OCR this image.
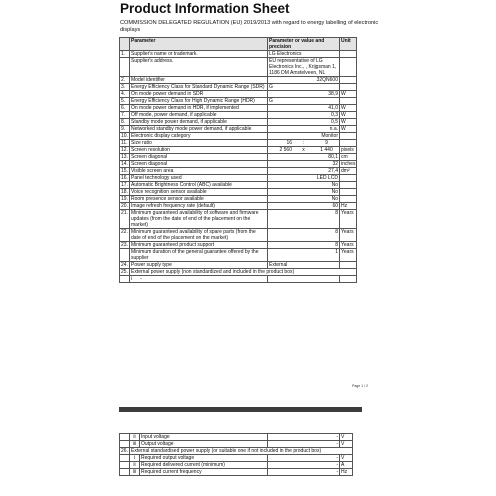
Product Information Sheet
COMMISSION DELEGATED REGULATION (EU) 2019/2013 with regard to energy labelling of electronic displays
	Parameter	Parameter or value and precision	Unit
1.	Supplier's name or trademark.	LG Electronics	
	Supplier's address.	EU representative of LG Electronics Inc., , Krijgsman 1, 1186 DM Amstelveen, NL	
2.	Model identifier	32QN600	
3.	Energy Efficiency Class for Standard Dynamic Range (SDR)	G	
4.	On mode power demand in SDR	38,9	W
5.	Energy Efficiency Class for High Dynamic Range (HDR)	G	
6.	On mode power demand in HDR, if implemented	41,0	W
7.	Off mode, power demand, if applicable	0,3	W
8.	Standby mode power demand, if applicable	0,5	W
9.	Networked standby mode power demand, if applicable	n.a.	W
10.	Electronic display category	Monitor	
11.	Size ratio	16 : 9	

12.	Screen resolution	2 560 x 1 440	pixels
13.	Screen diagonal	80,1	cm
14.	Screen diagonal	32	inches
15.	Visible screen area	27,4	dm²
16.	Panel technology used	LED LCD	
17.	Automatic Brightness Control (ABC) available	No	
18.	Voice recognition sensor available	No	
19.	Room presence sensor available	No	
20.	Image refresh frequency rate (default)	60	Hz
21.	Minimum guaranteed availability of software and firmware updates (from the date of end of the placement on the market)	8	Years
22.	Minimum guaranteed availability of spare parts (from the date of end of the placement on the market)	8	Years
23.	Minimum guaranteed product support	8	Years
	Minimum duration of the general guarantee offered by the supplier	1	Years
24.	Power supply type	External	
25.	External power supply (non standardized and included in the product box)		
	i -		
Page 1 / 2
	ii	Input voltage	-	V
	iii	Output voltage	-	V
26.	External standardised power supply (or suitable one if not included in the product box)			
	i	Required output voltage	-	V
	ii	Required delivered current (minimum)	-	A
	iii	Required current frequency	-	Hz
